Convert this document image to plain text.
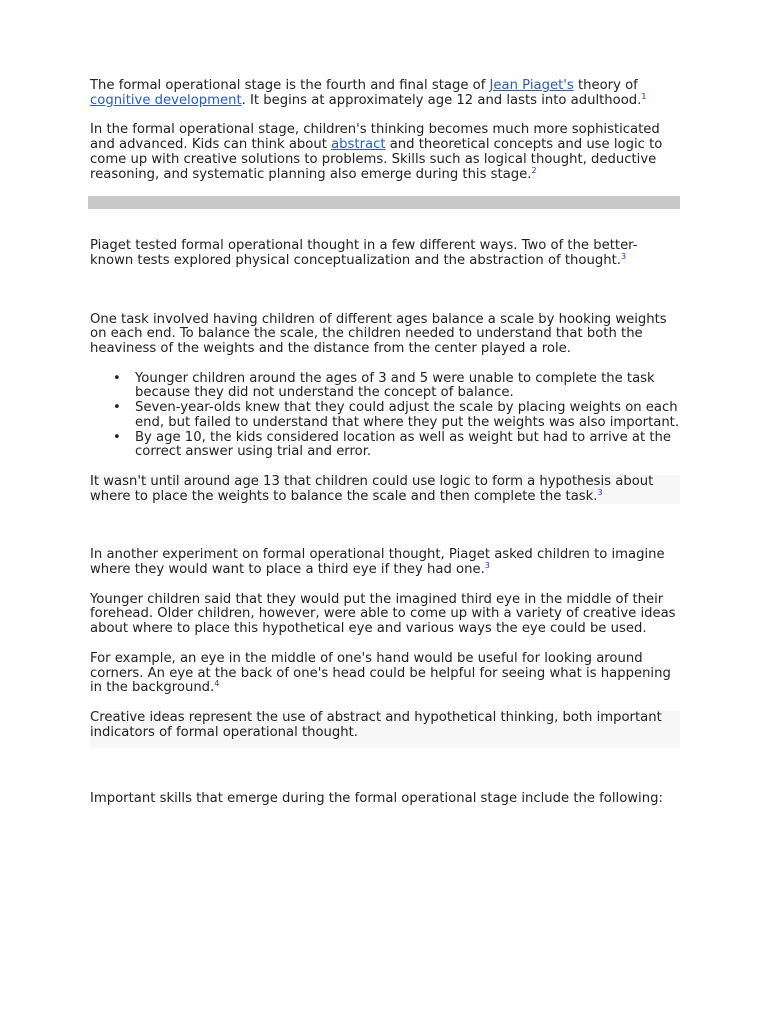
The formal operational stage is the fourth and final stage of Jean Piaget's theory of cognitive development. It begins at approximately age 12 and lasts into adulthood.$^1$

In the formal operational stage, children's thinking becomes much more sophisticated and advanced. Kids can think about abstract and theoretical concepts and use logic to come up with creative solutions to problems. Skills such as logical thought, deductive reasoning, and systematic planning also emerge during this stage.$^2$

Piaget tested formal operational thought in a few different ways. Two of the better-known tests explored physical conceptualization and the abstraction of thought.$^3$

One task involved having children of different ages balance a scale by hooking weights on each end. To balance the scale, the children needed to understand that both the heaviness of the weights and the distance from the center played a role.

• Younger children around the ages of 3 and 5 were unable to complete the task because they did not understand the concept of balance.
• Seven-year-olds knew that they could adjust the scale by placing weights on each end, but failed to understand that where they put the weights was also important.
• By age 10, the kids considered location as well as weight but had to arrive at the correct answer using trial and error.

It wasn't until around age 13 that children could use logic to form a hypothesis about where to place the weights to balance the scale and then complete the task.$^3$

In another experiment on formal operational thought, Piaget asked children to imagine where they would want to place a third eye if they had one.$^3$

Younger children said that they would put the imagined third eye in the middle of their forehead. Older children, however, were able to come up with a variety of creative ideas about where to place this hypothetical eye and various ways the eye could be used.

For example, an eye in the middle of one's hand would be useful for looking around corners. An eye at the back of one's head could be helpful for seeing what is happening in the background.$^4$

Creative ideas represent the use of abstract and hypothetical thinking, both important indicators of formal operational thought.

Important skills that emerge during the formal operational stage include the following:
